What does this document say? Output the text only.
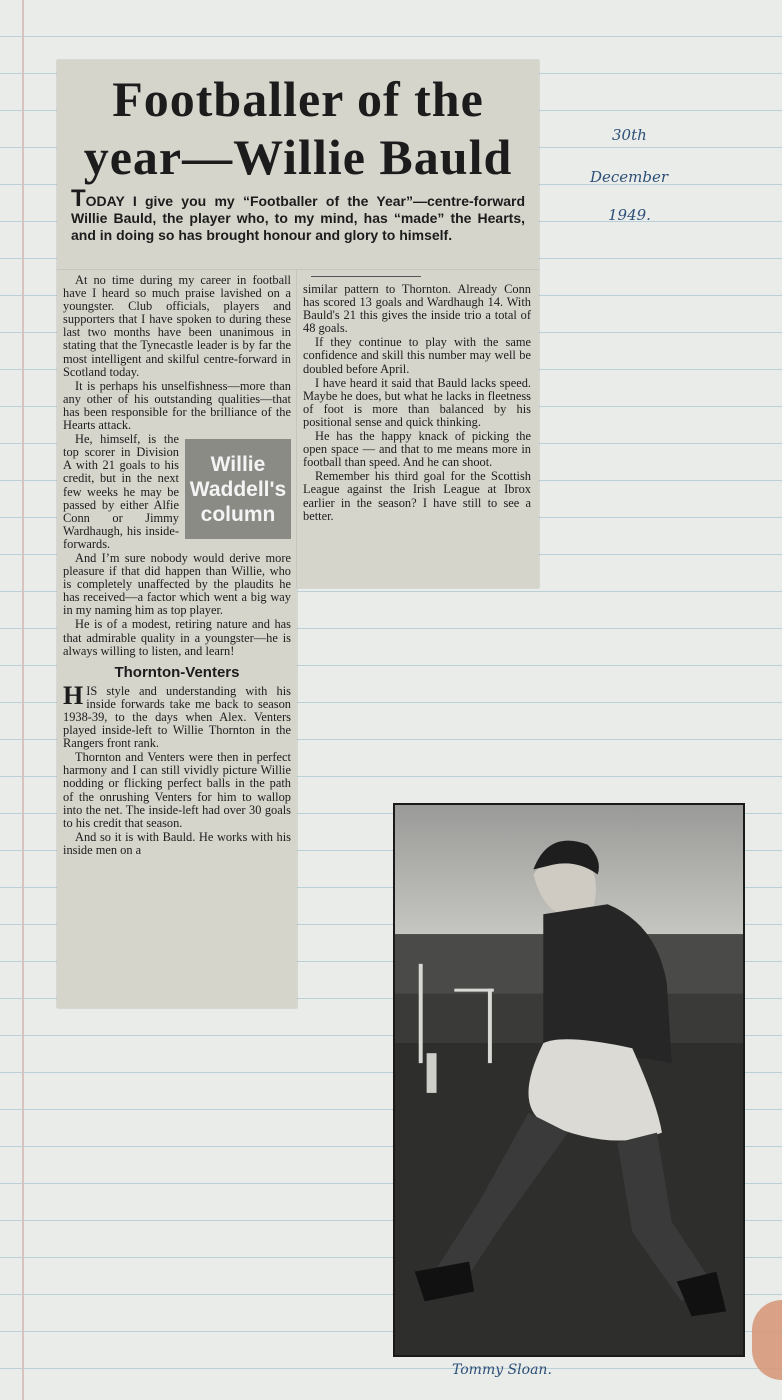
Footballer of the year—Willie Bauld

TODAY I give you my “Footballer of the Year”—centre-forward Willie Bauld, the player who, to my mind, has “made” the Hearts, and in doing so has brought honour and glory to himself.

At no time during my career in football have I heard so much praise lavished on a youngster. Club officials, players and supporters that I have spoken to during these last two months have been unanimous in stating that the Tynecastle leader is by far the most intelligent and skilful centre-forward in Scotland today.

It is perhaps his unselfishness—more than any other of his outstanding qualities—that has been responsible for the brilliance of the Hearts attack.

Willie
Waddell's
column

He, himself, is the top scorer in Division A with 21 goals to his credit, but in the next few weeks he may be passed by either Alfie Conn or Jimmy Wardhaugh, his inside-forwards.

And I’m sure nobody would derive more pleasure if that did happen than Willie, who is completely unaffected by the plaudits he has received—a factor which went a big way in my naming him as top player.

He is of a modest, retiring nature and has that admirable quality in a youngster—he is always willing to listen, and learn!

Thornton-Venters

HIS style and understanding with his inside forwards take me back to season 1938-39, to the days when Alex. Venters played inside-left to Willie Thornton in the Rangers front rank.

Thornton and Venters were then in perfect harmony and I can still vividly picture Willie nodding or flicking perfect balls in the path of the onrushing Venters for him to wallop into the net. The inside-left had over 30 goals to his credit that season.

And so it is with Bauld. He works with his inside men on a

similar pattern to Thornton. Already Conn has scored 13 goals and Wardhaugh 14. With Bauld's 21 this gives the inside trio a total of 48 goals.

If they continue to play with the same confidence and skill this number may well be doubled before April.

I have heard it said that Bauld lacks speed. Maybe he does, but what he lacks in fleetness of foot is more than balanced by his positional sense and quick thinking.

He has the happy knack of picking the open space — and that to me means more in football than speed. And he can shoot.

Remember his third goal for the Scottish League against the Irish League at Ibrox earlier in the season? I have still to see a better.

30th
December
1949.
Tommy Sloan.
